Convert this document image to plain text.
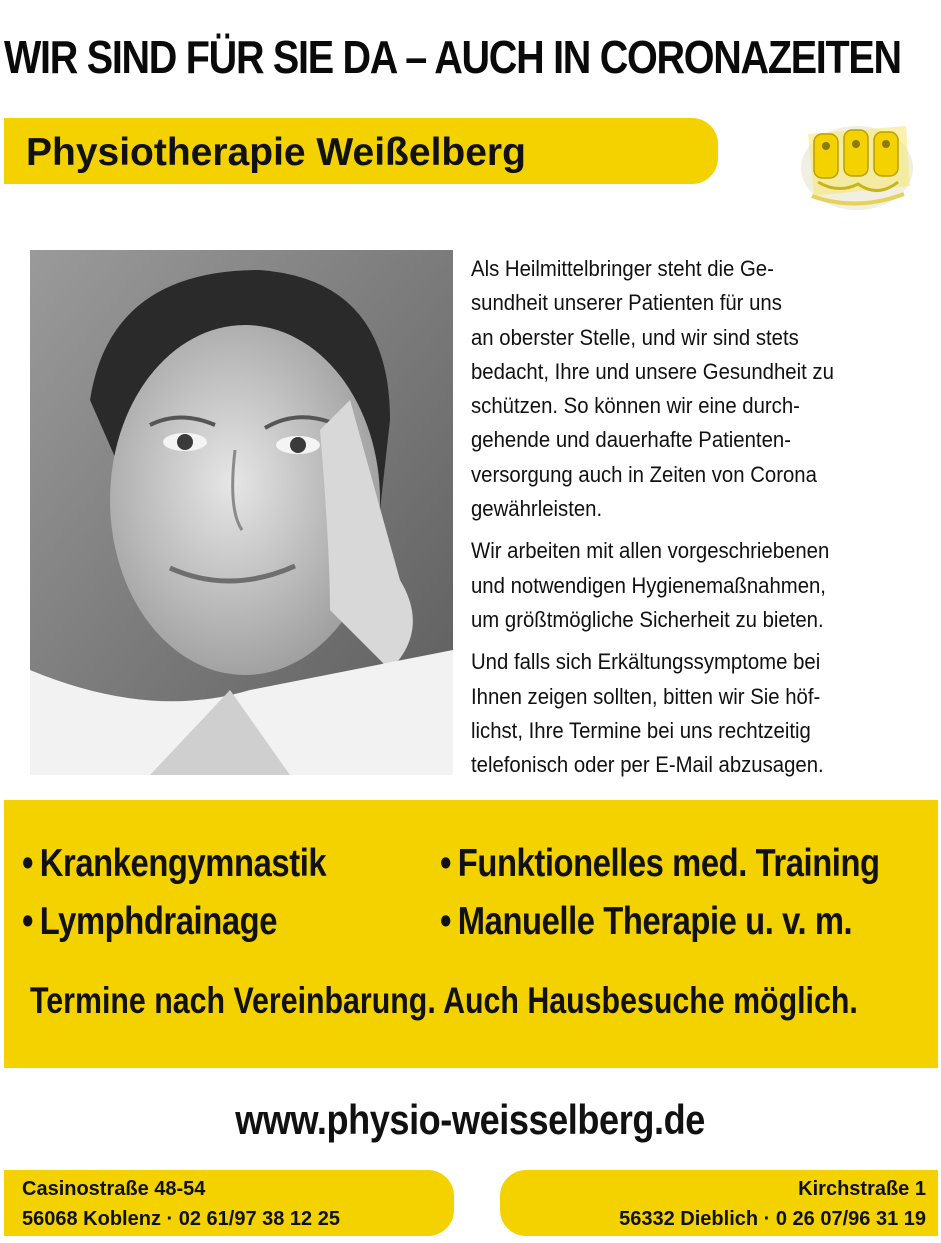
WIR SIND FÜR SIE DA – AUCH IN CORONAZEITEN
Physiotherapie Weißelberg

Als Heilmittelbringer steht die Ge-
sundheit unserer Patienten für uns
an oberster Stelle, und wir sind stets
bedacht, Ihre und unsere Gesundheit zu
schützen. So können wir eine durch-
gehende und dauerhafte Patienten-
versorgung auch in Zeiten von Corona
gewährleisten.

Wir arbeiten mit allen vorgeschriebenen
und notwendigen Hygienemaßnahmen,
um größtmögliche Sicherheit zu bieten.

Und falls sich Erkältungssymptome bei
Ihnen zeigen sollten, bitten wir Sie höf-
lichst, Ihre Termine bei uns rechtzeitig
telefonisch oder per E-Mail abzusagen.

• Krankengymnastik	• Funktionelles med. Training
• Lymphdrainage	• Manuelle Therapie u. v. m.
Termine nach Vereinbarung. Auch Hausbesuche möglich.
www.physio-weisselberg.de
Casinostraße 48-54
56068 Koblenz · 02 61/97 38 12 25
Kirchstraße 1
56332 Dieblich · 0 26 07/96 31 19
